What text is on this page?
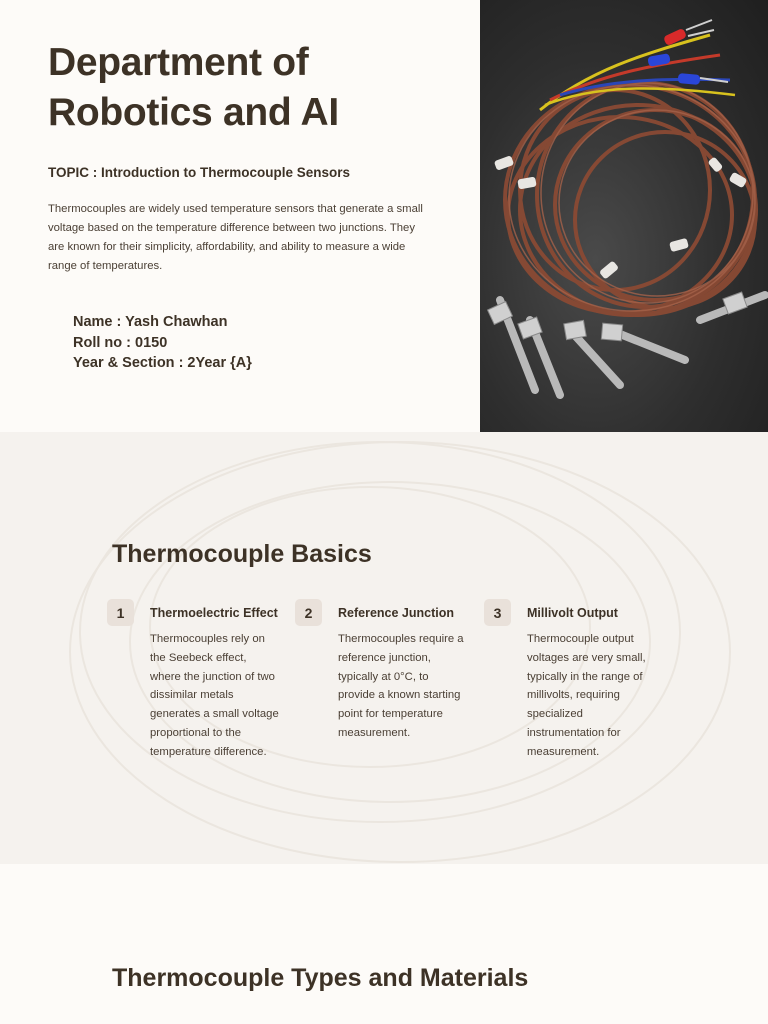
Department of Robotics and AI
TOPIC : Introduction to Thermocouple Sensors

Thermocouples are widely used temperature sensors that generate a small voltage based on the temperature difference between two junctions. They are known for their simplicity, affordability, and ability to measure a wide range of temperatures.

Name : Yash Chawhan
Roll no : 0150
Year & Section : 2Year {A}
Thermocouple Basics
1	Thermoelectric Effect

Thermocouples rely on the Seebeck effect, where the junction of two dissimilar metals generates a small voltage proportional to the temperature difference.

2	Reference Junction

Thermocouples require a reference junction, typically at 0°C, to provide a known starting point for temperature measurement.

3	Millivolt Output

Thermocouple output voltages are very small, typically in the range of millivolts, requiring specialized instrumentation for measurement.

Thermocouple Types and Materials
